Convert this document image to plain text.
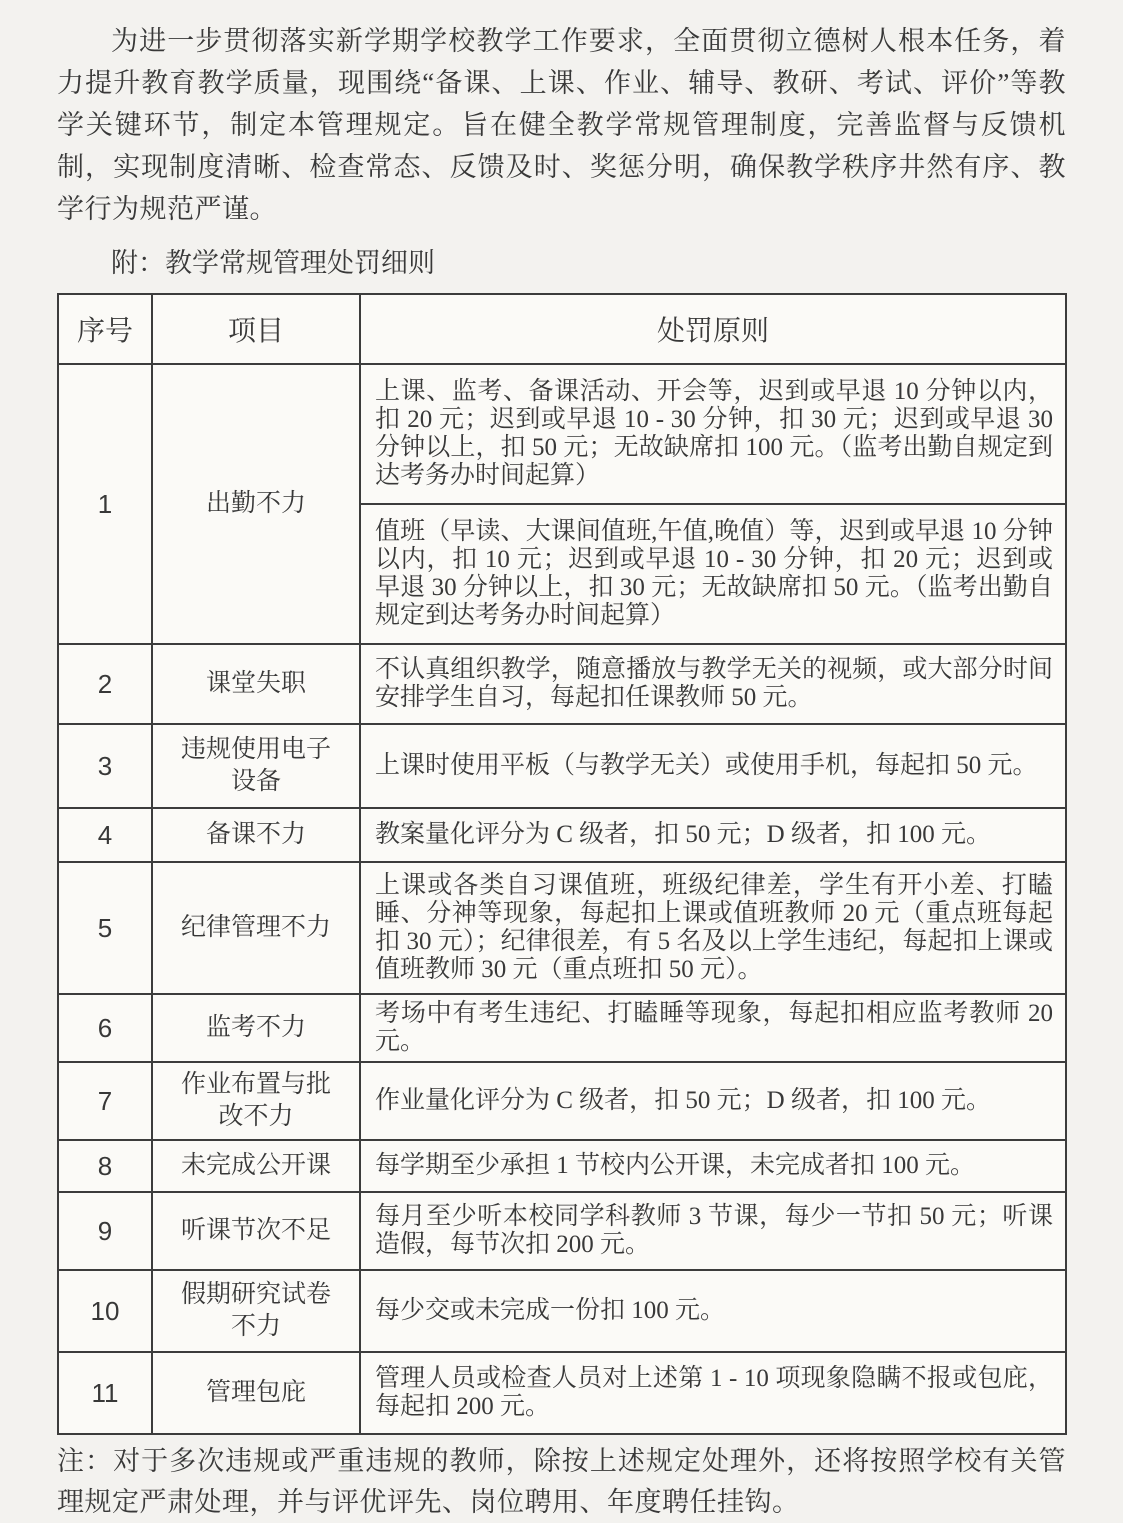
为进一步贯彻落实新学期学校教学工作要求，全面贯彻立德树人根本任务，着力提升教育教学质量，现围绕“备课、上课、作业、辅导、教研、考试、评价”等教学关键环节，制定本管理规定。旨在健全教学常规管理制度，完善监督与反馈机制，实现制度清晰、检查常态、反馈及时、奖惩分明，确保教学秩序井然有序、教学行为规范严谨。

附：教学常规管理处罚细则

序号	项目	处罚原则
1	出勤不力	上课、监考、备课活动、开会等，迟到或早退 10 分钟以内，扣 20 元；迟到或早退 10 - 30 分钟，扣 30 元；迟到或早退 30 分钟以上，扣 50 元；无故缺席扣 100 元。（监考出勤自规定到达考务办时间起算）
		值班（早读、大课间值班,午值,晚值）等，迟到或早退 10 分钟以内，扣 10 元；迟到或早退 10 - 30 分钟，扣 20 元；迟到或早退 30 分钟以上，扣 30 元；无故缺席扣 50 元。（监考出勤自规定到达考务办时间起算）
2	课堂失职	不认真组织教学，随意播放与教学无关的视频，或大部分时间安排学生自习，每起扣任课教师 50 元。
3	违规使用电子设备	上课时使用平板（与教学无关）或使用手机，每起扣 50 元。
4	备课不力	教案量化评分为 C 级者，扣 50 元；D 级者，扣 100 元。
5	纪律管理不力	上课或各类自习课值班，班级纪律差，学生有开小差、打瞌睡、分神等现象，每起扣上课或值班教师 20 元（重点班每起扣 30 元）；纪律很差，有 5 名及以上学生违纪，每起扣上课或值班教师 30 元（重点班扣 50 元）。
6	监考不力	考场中有考生违纪、打瞌睡等现象，每起扣相应监考教师 20 元。
7	作业布置与批改不力	作业量化评分为 C 级者，扣 50 元；D 级者，扣 100 元。
8	未完成公开课	每学期至少承担 1 节校内公开课，未完成者扣 100 元。
9	听课节次不足	每月至少听本校同学科教师 3 节课，每少一节扣 50 元；听课造假，每节次扣 200 元。
10	假期研究试卷不力	每少交或未完成一份扣 100 元。
11	管理包庇	管理人员或检查人员对上述第 1 - 10 项现象隐瞒不报或包庇，每起扣 200 元。

注：对于多次违规或严重违规的教师，除按上述规定处理外，还将按照学校有关管理规定严肃处理，并与评优评先、岗位聘用、年度聘任挂钩。
